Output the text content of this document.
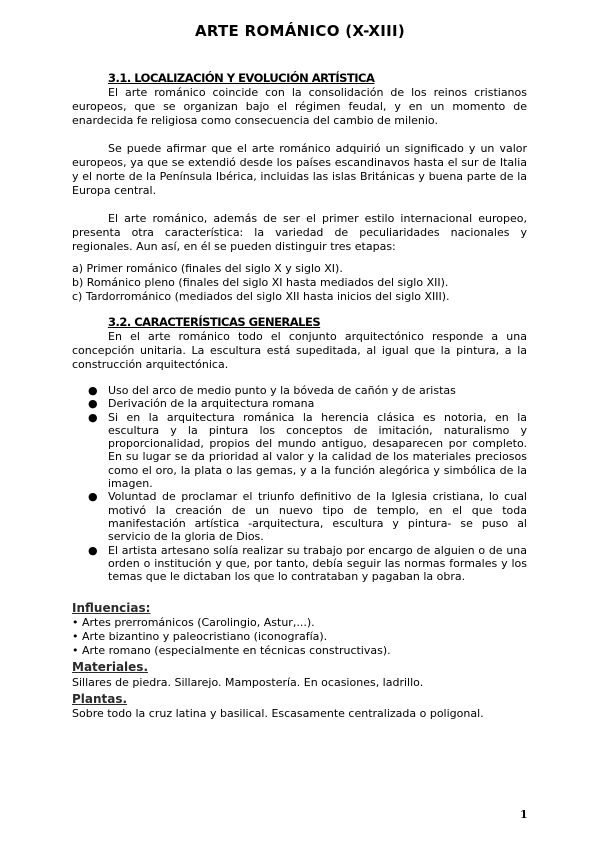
ARTE ROMÁNICO (X-XIII)
3.1. LOCALIZACIÓN Y EVOLUCIÓN ARTÍSTICA

El arte románico coincide con la consolidación de los reinos cristianos europeos, que se organizan bajo el régimen feudal, y en un momento de enardecida fe religiosa como consecuencia del cambio de milenio.

Se puede afirmar que el arte románico adquirió un significado y un valor europeos, ya que se extendió desde los países escandinavos hasta el sur de Italia y el norte de la Península Ibérica, incluidas las islas Británicas y buena parte de la Europa central.

El arte románico, además de ser el primer estilo internacional europeo, presenta otra característica: la variedad de peculiaridades nacionales y regionales. Aun así, en él se pueden distinguir tres etapas:

a) Primer románico (finales del siglo X y siglo XI).
b) Románico pleno (finales del siglo XI hasta mediados del siglo XII).
c) Tardorrománico (mediados del siglo XII hasta inicios del siglo XIII).
3.2. CARACTERÍSTICAS GENERALES

En el arte románico todo el conjunto arquitectónico responde a una concepción unitaria. La escultura está supeditada, al igual que la pintura, a la construcción arquitectónica.

● Uso del arco de medio punto y la bóveda de cañón y de aristas
● Derivación de la arquitectura romana
● Si en la arquitectura románica la herencia clásica es notoria, en la escultura y la pintura los conceptos de imitación, naturalismo y proporcionalidad, propios del mundo antiguo, desaparecen por completo. En su lugar se da prioridad al valor y la calidad de los materiales preciosos como el oro, la plata o las gemas, y a la función alegórica y simbólica de la imagen.
● Voluntad de proclamar el triunfo definitivo de la Iglesia cristiana, lo cual motivó la creación de un nuevo tipo de templo, en el que toda manifestación artística -arquitectura, escultura y pintura- se puso al servicio de la gloria de Dios.
● El artista artesano solía realizar su trabajo por encargo de alguien o de una orden o institución y que, por tanto, debía seguir las normas formales y los temas que le dictaban los que lo contrataban y pagaban la obra.
Influencias:
• Artes prerrománicos (Carolingio, Astur,...).
• Arte bizantino y paleocristiano (iconografía).
• Arte romano (especialmente en técnicas constructivas).
Materiales.
Sillares de piedra. Sillarejo. Mampostería. En ocasiones, ladrillo.
Plantas.
Sobre todo la cruz latina y basilical. Escasamente centralizada o poligonal.
1
